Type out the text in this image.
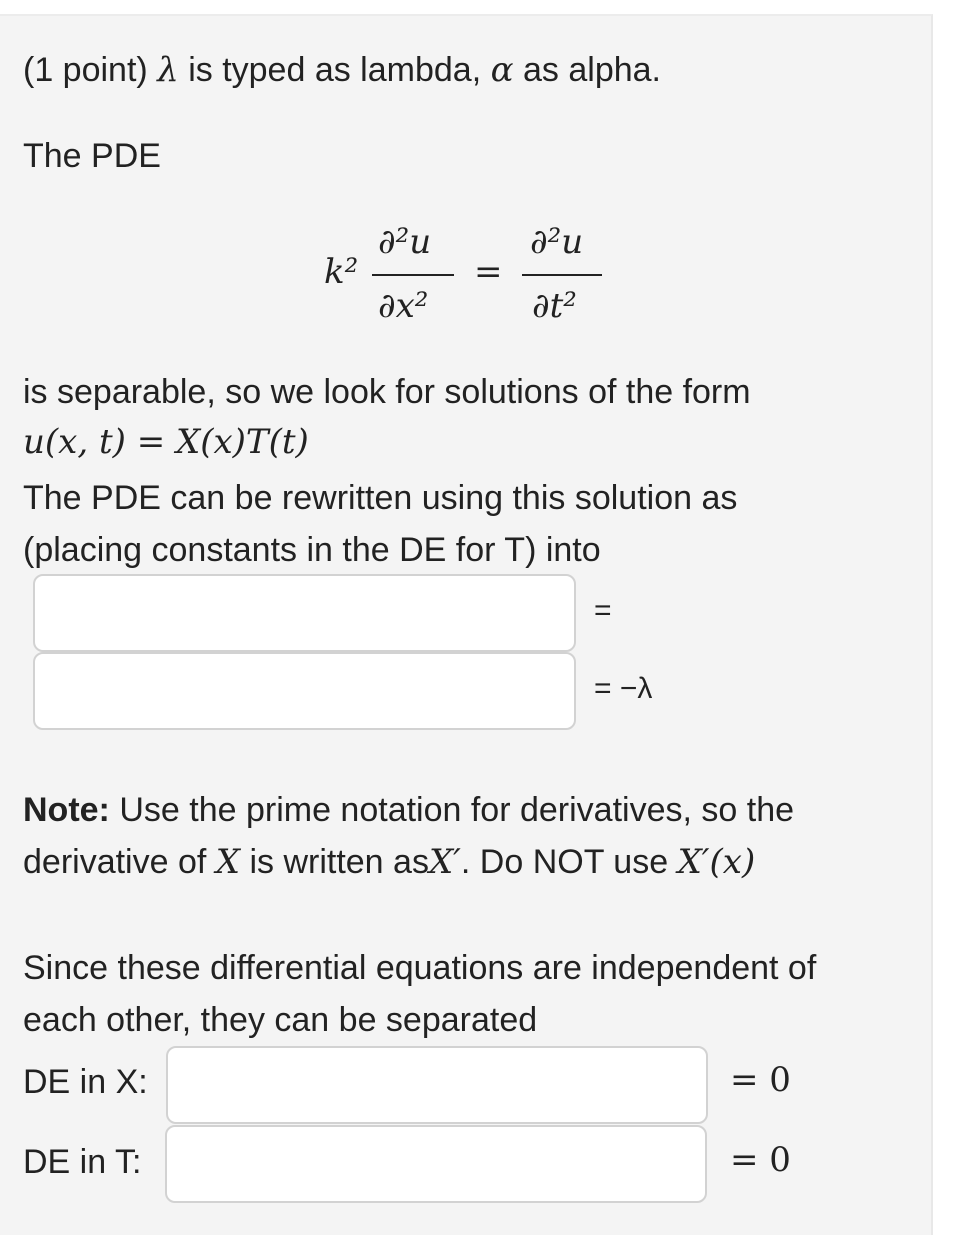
(1 point) λ is typed as lambda, α as alpha.
The PDE
k²
∂²u
∂x²
=
∂²u
∂t²
is separable, so we look for solutions of the form
u(x, t) = X(x)T(t)
The PDE can be rewritten using this solution as
(placing constants in the DE for T) into
=
= −λ
Note: Use the prime notation for derivatives, so the
derivative of X is written asX′. Do NOT use X′(x)
Since these differential equations are independent of
each other, they can be separated
DE in X:	= 0
DE in T:	= 0
